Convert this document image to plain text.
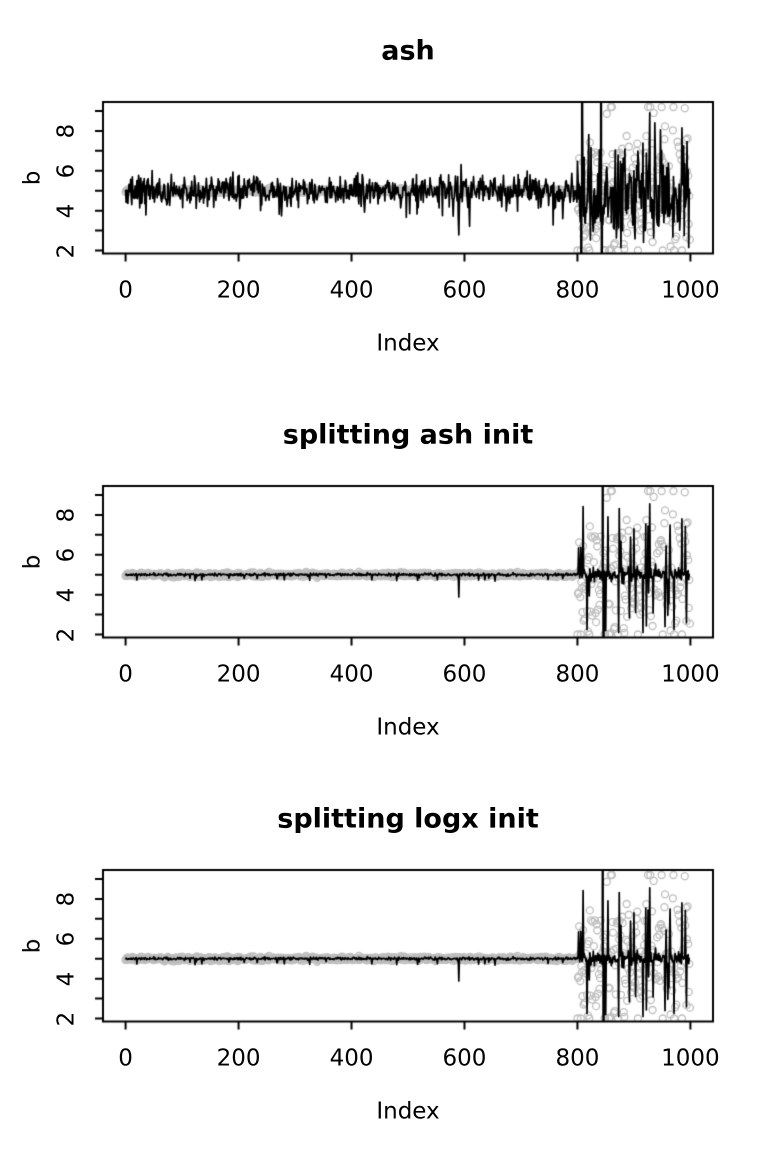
ash
b
Index
0	200	400	600	800	1000
2
4
6
8
splitting ash init
b
Index
0	200	400	600	800	1000
2
4
6
8
splitting logx init
b
Index
0	200	400	600	800	1000
2
4
6
8
